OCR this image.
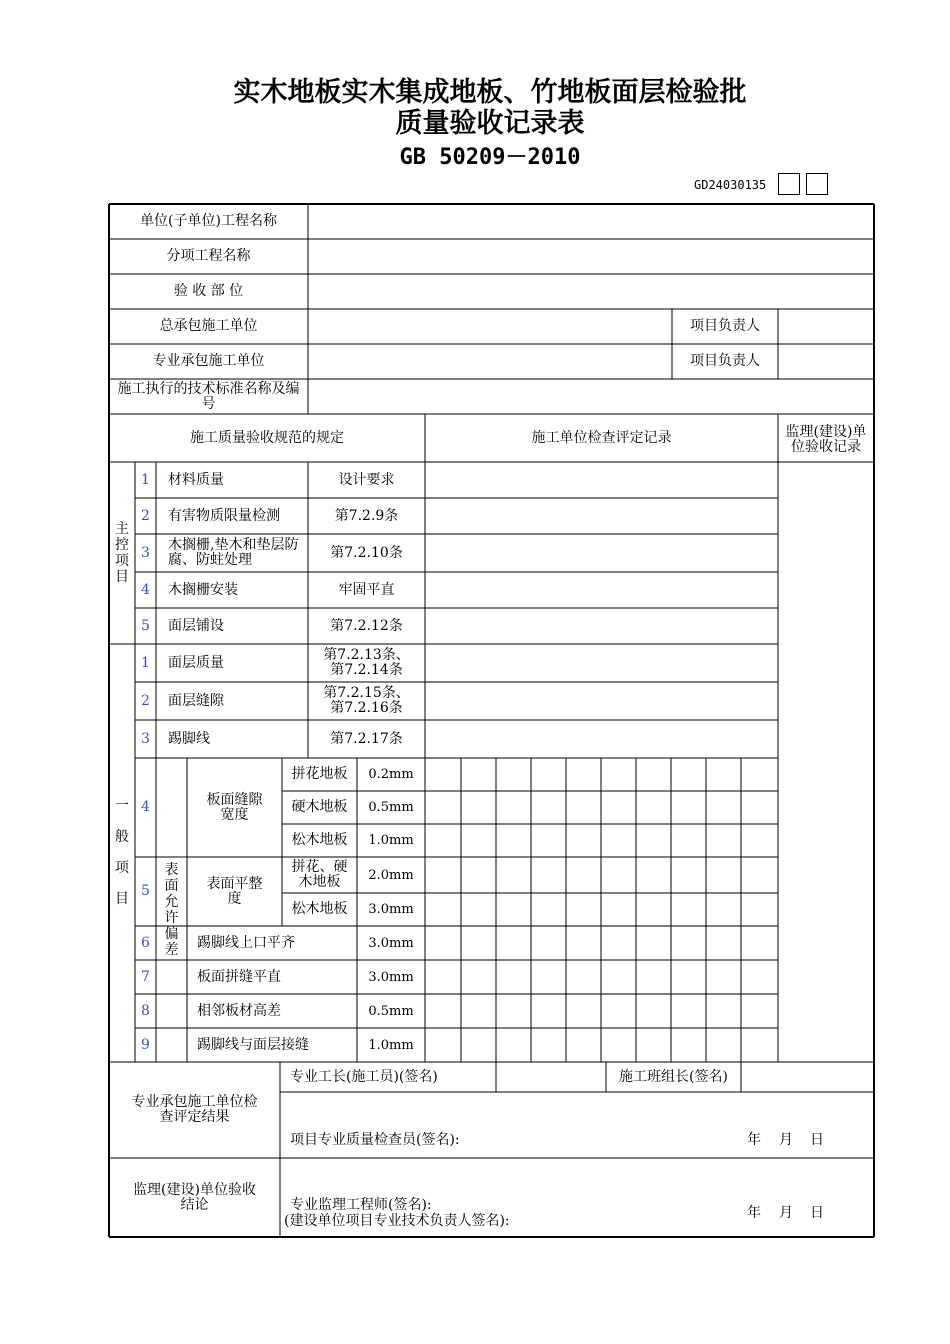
实木地板实木集成地板、竹地板面层检验批
质量验收记录表
GB 50209－2010
GD24030135
单位(子单位)工程名称
分项工程名称
验 收 部 位
总承包施工单位	项目负责人
专业承包施工单位	项目负责人
施工执行的技术标准名称及编号
施工质量验收规范的规定	施工单位检查评定记录	监理(建设)单位验收记录
主控项目
1	材料质量	设计要求
2	有害物质限量检测	第7.2.9条
3	木搁栅,垫木和垫层防腐、防蛀处理	第7.2.10条
4	木搁栅安装	牢固平直
5	面层铺设	第7.2.12条
一般项目
1	面层质量	第7.2.13条、第7.2.14条
2	面层缝隙	第7.2.15条、第7.2.16条
3	踢脚线	第7.2.17条
表面允许偏差
4	板面缝隙宽度
拼花地板	0.2mm
硬木地板	0.5mm
松木地板	1.0mm
5	表面平整度
拼花、硬木地板	2.0mm
松木地板	3.0mm
6	踢脚线上口平齐	3.0mm
7	板面拼缝平直	3.0mm
8	相邻板材高差	0.5mm
9	踢脚线与面层接缝	1.0mm
专业承包施工单位检查评定结果
专业工长(施工员)(签名)	施工班组长(签名)
项目专业质量检查员(签名):	年	月	日
监理(建设)单位验收结论	专业监理工程师(签名):
(建设单位项目专业技术负责人签名):	年	月	日
